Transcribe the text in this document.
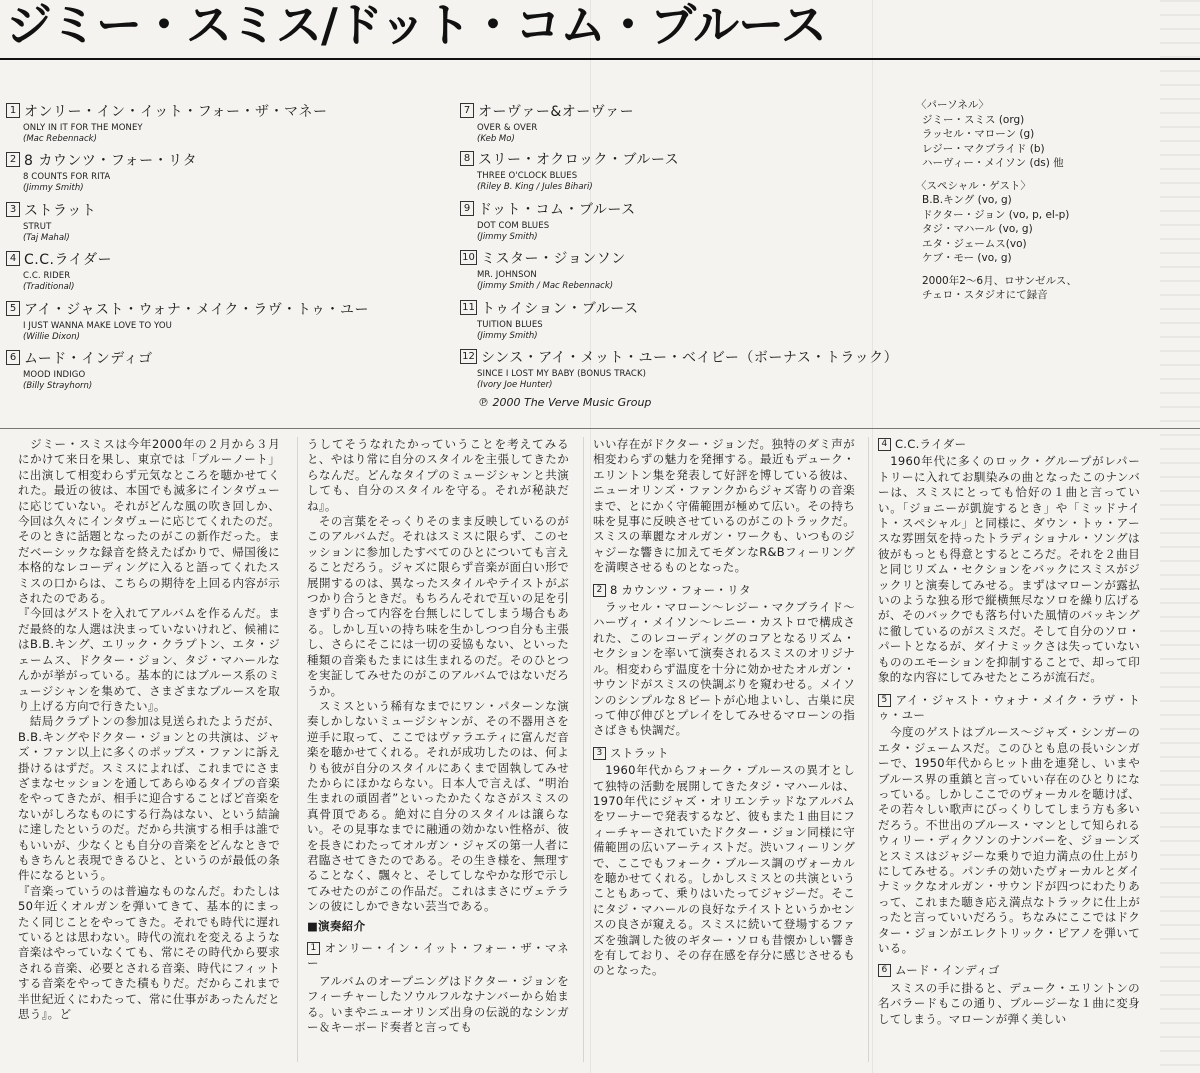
ジミー・スミス/ドット・コム・ブルース
1 オンリー・イン・イット・フォー・ザ・マネー
ONLY IN IT FOR THE MONEY
(Mac Rebennack)
2 8 カウンツ・フォー・リタ
8 COUNTS FOR RITA
(Jimmy Smith)
3 ストラット
STRUT
(Taj Mahal)
4 C.C.ライダー
C.C. RIDER
(Traditional)
5 アイ・ジャスト・ウォナ・メイク・ラヴ・トゥ・ユー
I JUST WANNA MAKE LOVE TO YOU
(Willie Dixon)
6 ムード・インディゴ
MOOD INDIGO
(Billy Strayhorn)
7 オーヴァー&オーヴァー
OVER & OVER
(Keb Mo)
8 スリー・オクロック・ブルース
THREE O'CLOCK BLUES
(Riley B. King / Jules Bihari)
9 ドット・コム・ブルース
DOT COM BLUES
(Jimmy Smith)
10 ミスター・ジョンソン
MR. JOHNSON
(Jimmy Smith / Mac Rebennack)
11 トゥイション・ブルース
TUITION BLUES
(Jimmy Smith)
12 シンス・アイ・メット・ユー・ベイビー（ボーナス・トラック）
SINCE I LOST MY BABY (BONUS TRACK)
(Ivory Joe Hunter)
℗ 2000 The Verve Music Group
〈パーソネル〉
ジミー・スミス (org)
ラッセル・マローン (g)
レジー・マクブライド (b)
ハーヴィー・メイソン (ds) 他
〈スペシャル・ゲスト〉
B.B.キング (vo, g)
ドクター・ジョン (vo, p, el-p)
タジ・マハール (vo, g)
エタ・ジェームス(vo)
ケブ・モー (vo, g)
2000年2〜6月、ロサンゼルス、
チェロ・スタジオにて録音

　ジミー・スミスは今年2000年の２月から３月にかけて来日を果し、東京では「ブルーノート」に出演して相変わらず元気なところを聴かせてくれた。最近の彼は、本国でも滅多にインタヴューに応じていない。それがどんな風の吹き回しか、今回は久々にインタヴューに応じてくれたのだ。そのときに話題となったのがこの新作だった。まだベーシックな録音を終えたばかりで、帰国後に本格的なレコーディングに入ると語ってくれたスミスの口からは、こちらの期待を上回る内容が示されたのである。

『今回はゲストを入れてアルバムを作るんだ。まだ最終的な人選は決まっていないけれど、候補にはB.B.キング、エリック・クラプトン、エタ・ジェームス、ドクター・ジョン、タジ・マハールなんかが挙がっている。基本的にはブルース系のミュージシャンを集めて、さまざまなブルースを取り上げる方向で行きたい』。

　結局クラプトンの参加は見送られたようだが、B.B.キングやドクター・ジョンとの共演は、ジャズ・ファン以上に多くのポップス・ファンに訴え掛けるはずだ。スミスによれば、これまでにさまざまなセッションを通してあらゆるタイプの音楽をやってきたが、相手に迎合することばど音楽をないがしろなものにする行為はない、という結論に達したというのだ。だから共演する相手は誰でもいいが、少なくとも自分の音楽をどんなときでもきちんと表現できるひと、というのが最低の条件になるという。

『音楽っていうのは普遍なものなんだ。わたしは50年近くオルガンを弾いてきて、基本的にまったく同じことをやってきた。それでも時代に遅れているとは思わない。時代の流れを変えるような音楽はやっていなくても、常にその時代から要求される音楽、必要とされる音楽、時代にフィットする音楽をやってきた積もりだ。だからこれまで半世紀近くにわたって、常に仕事があったんだと思う』。ど

うしてそうなれたかっていうことを考えてみると、やはり常に自分のスタイルを主張してきたからなんだ。どんなタイプのミュージシャンと共演しても、自分のスタイルを守る。それが秘訣だね』。

　その言葉をそっくりそのまま反映しているのがこのアルバムだ。それはスミスに限らず、このセッションに参加したすべてのひとについても言えることだろう。ジャズに限らず音楽が面白い形で展開するのは、異なったスタイルやテイストがぶつかり合うときだ。もちろんそれで互いの足を引きずり合って内容を台無しにしてしまう場合もある。しかし互いの持ち味を生かしつつ自分も主張し、さらにそこには一切の妥協もない、といった種類の音楽もたまには生まれるのだ。そのひとつを実証してみせたのがこのアルバムではないだろうか。

　スミスという稀有なまでにワン・パターンな演奏しかしないミュージシャンが、その不器用さを逆手に取って、ここではヴァラエティに富んだ音楽を聴かせてくれる。それが成功したのは、何よりも彼が自分のスタイルにあくまで固執してみせたからにほかならない。日本人で言えば、“明治生まれの頑固者”といったかたくなさがスミスの真骨頂である。絶対に自分のスタイルは譲らない。その見事なまでに融通の効かない性格が、彼を長きにわたってオルガン・ジャズの第一人者に君臨させてきたのである。その生き様を、無理することなく、飄々と、そしてしなやかな形で示してみせたのがこの作品だ。これはまさにヴェテランの彼にしかできない芸当である。

■演奏紹介
1 オンリー・イン・イット・フォー・ザ・マネー

　アルバムのオープニングはドクター・ジョンをフィーチャーしたソウルフルなナンバーから始まる。いまやニューオリンズ出身の伝説的なシンガー＆キーボード奏者と言っても

いい存在がドクター・ジョンだ。独特のダミ声が相変わらずの魅力を発揮する。最近もデューク・エリントン集を発表して好評を博している彼は、ニューオリンズ・ファンクからジャズ寄りの音楽まで、とにかく守備範囲が極めて広い。その持ち味を見事に反映させているのがこのトラックだ。スミスの華麗なオルガン・ワークも、いつものジャジーな響きに加えてモダンなR&Bフィーリングを満喫させるものとなった。

2 8 カウンツ・フォー・リタ

　ラッセル・マローン〜レジー・マクブライド〜ハーヴィ・メイソン〜レニー・カストロで構成された、このレコーディングのコアとなるリズム・セクションを率いて演奏されるスミスのオリジナル。相変わらず温度を十分に効かせたオルガン・サウンドがスミスの快調ぶりを窺わせる。メイソンのシンプルな８ビートが心地よいし、古巣に戻って伸び伸びとプレイをしてみせるマローンの指さばきも快調だ。

3 ストラット

　1960年代からフォーク・ブルースの異才として独特の活動を展開してきたタジ・マハールは、1970年代にジャズ・オリエンテッドなアルバムをワーナーで発表するなど、彼もまた１曲目にフィーチャーされていたドクター・ジョン同様に守備範囲の広いアーティストだ。渋いフィーリングで、ここでもフォーク・ブルース調のヴォーカルを聴かせてくれる。しかしスミスとの共演ということもあって、乗りはいたってジャジーだ。そこにタジ・マハールの良好なテイストというかセンスの良さが窺える。スミスに続いて登場するファズを強調した彼のギター・ソロも昔懐かしい響きを有しており、その存在感を存分に感じさせるものとなった。

4 C.C.ライダー

　1960年代に多くのロック・グループがレパートリーに入れてお馴染みの曲となったこのナンバーは、スミスにとっても恰好の１曲と言っていい。「ジョニーが凱旋するとき」や「ミッドナイト・スペシャル」と同様に、ダウン・トゥ・アースな雰囲気を持ったトラディショナル・ソングは彼がもっとも得意とするところだ。それを２曲目と同じリズム・セクションをバックにスミスがジックリと演奏してみせる。まずはマローンが露払いのような独る形で縦横無尽なソロを繰り広げるが、そのバックでも落ち付いた風情のバッキングに徹しているのがスミスだ。そして自分のソロ・パートとなるが、ダイナミックさは失っていないもののエモーションを抑制することで、却って印象的な内容にしてみせたところが流石だ。

5 アイ・ジャスト・ウォナ・メイク・ラヴ・トゥ・ユー

　今度のゲストはブルース〜ジャズ・シンガーのエタ・ジェームスだ。このひとも息の長いシンガーで、1950年代からヒット曲を連発し、いまやブルース界の重鎮と言っていい存在のひとりになっている。しかしここでのヴォーカルを聴けば、その若々しい歌声にびっくりしてしまう方も多いだろう。不世出のブルース・マンとして知られるウィリー・ディクソンのナンバーを、ジョーンズとスミスはジャジーな乗りで迫力満点の仕上がりにしてみせる。パンチの効いたヴォーカルとダイナミックなオルガン・サウンドが四つにわたりあって、これまた聴き応え満点なトラックに仕上がったと言っていいだろう。ちなみにここではドクター・ジョンがエレクトリック・ピアノを弾いている。

6 ムード・インディゴ

　スミスの手に掛ると、デューク・エリントンの名バラードもこの通り、ブルージーな１曲に変身してしまう。マローンが弾く美しい
